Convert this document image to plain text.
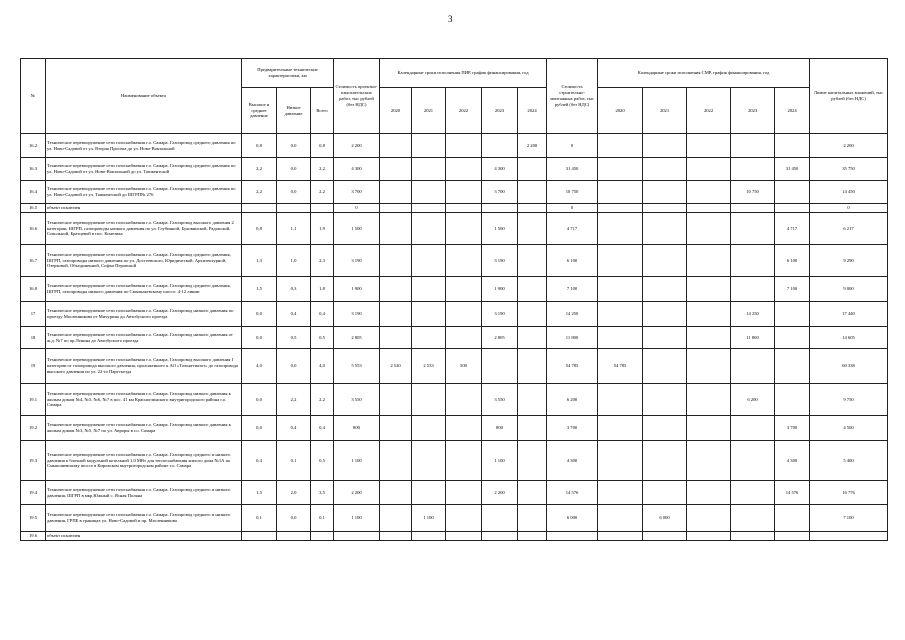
3
№	Наименование объекта	Предварительные технические характеристики, км			Стоимость проектно-изыскательских работ, тыс рублей (без НДС)	Календарные сроки исполнения ПИР, график финансирования, год					Стоимость строительно-монтажных работ, тыс рублей (без НДС)	Календарные сроки исполнения СМР, график финансирования, год					Лимит капитальных вложений, тыс рублей (без НДС)
		Высокое и среднее давление	Низкое давление	Всего		2020	2021	2022	2023	2024		2020	2021	2022	2023	2024	
16.2	Техническое перевооружение сети газоснабжения г.о. Самара. Газопровод среднего давления по ул. Ново-Садовой от ул. Вторая Просека до ул. Ново-Вокзальной	0,8	0,0	0,8	2 200					2 200	0						2 200
16.3	Техническое перевооружение сети газоснабжения г.о. Самара. Газопровод среднего давления по ул. Ново-Садовой от ул. Ново-Вокзальной до ул. Ташкентской	2,2	0,0	2,2	4 300				4 300		31 450					31 450	35 750
16.4	Техническое перевооружение сети газоснабжения г.о. Самара. Газопровод среднего давления по ул. Ново-Садовой от ул. Ташкентской до ШГРП№ 276	2,2	0,0	2,2	3 700				3 700		10 750				10 750		14 450
16.5	объект исключен				0						0						0
16.6	Техническое перевооружение сети газоснабжения г.о. Самара. Газопровод высокого давления 2 категории, ШГРП, газопроводы низкого давления по ул. Глубинной, Буковинской, Радонской, Сокольной, Братцевой в пос. Конезика	0,8	1,1	1,9	1 500				1 500		4 717					4 717	6 217
16.7	Техническое перевооружение сети газоснабжения г.о. Самара. Газопровод среднего давления, ШГРП, газопроводы низкого давления по ул. Достоевского, Юридической, Архитектурной, Озерковой, Объединенной, Софьи Перовской	1,3	1,0	2,3	3 190				3 190		6 100					6 100	9 290
16.8	Техническое перевооружение сети газоснабжения г.о. Самара. Газопровод среднего давления, ШГРП, газопроводы низкого давления по Смышляевскому шоссе, 4-12 линии	1,5	0,3	1,8	1 900				1 900		7 100					7 100	9 000
17	Техническое перевооружение сети газоснабжения г.о. Самара. Газопровод низкого давления по проезду Масленникова от Мичурина до Автобусного проезда	0,0	0,4	0,4	3 190				3 190		14 250				14 250		17 440
18	Техническое перевооружение сети газоснабжения г.о. Самара. Газопровод низкого давления от ж.д. №7 по пр.Ленина до Автобусного проезда	0,0	0,5	0,5	2 805				2 805		11 800				11 800		14 605
19	Техническое перевооружение сети газоснабжения г.о. Самара. Газопровод высокого давления I категории от газопровода высокого давления, проложенного к АО «Тольяттиазот» до газопровода высокого давления по ул. 22-го Партсъезда	4,0	0,0	4,0	5 553	2 520	2 533	500			54 785	54 785					60 338
19.1	Техническое перевооружение сети газоснабжения г.о. Самара. Газопровод низкого давления к жилым домам №4, №5, №6, №7 в пос. 41 км Красноглинского внутригородского района г.о. Самара	0,0	2,2	2,2	3 550				3 550		6 200				6 200		9 750
19.2	Техническое перевооружение сети газоснабжения г.о. Самара. Газопровод низкого давления к жилым домам №3, №5, №7 по ул. Авроры в г.о. Самара	0,0	0,4	0,4	800				800		3 700					3 700	4 500
19.3	Техническое перевооружение сети газоснабжения г.о. Самара. Газопровод среднего и низкого давления к блочной модульной котельной 1,0 МВт для теплоснабжения жилого дома №1А по Смышляевскому шоссе в Кировском внутригородском районе г.о. Самара	0,4	0,1	0,5	1 100				1 100		4 300					4 300	5 400
19.4	Техническое перевооружение сети газоснабжения г.о. Самара. Газопровод среднего и низкого давления, ШГРП в мкр.Южный с. Ясная Поляна	1,5	2,0	3,5	2 200				2 200		14 576					14 576	16 776
19.5	Техническое перевооружение сети газоснабжения г.о. Самара. Газопровод среднего и низкого давления, ГРПБ в границах ул. Ново-Садовой и пр. Масленникова	0,1	0,0	0,1	1 100		1 100				6 000		6 000				7 100
19.6	объект исключен																
